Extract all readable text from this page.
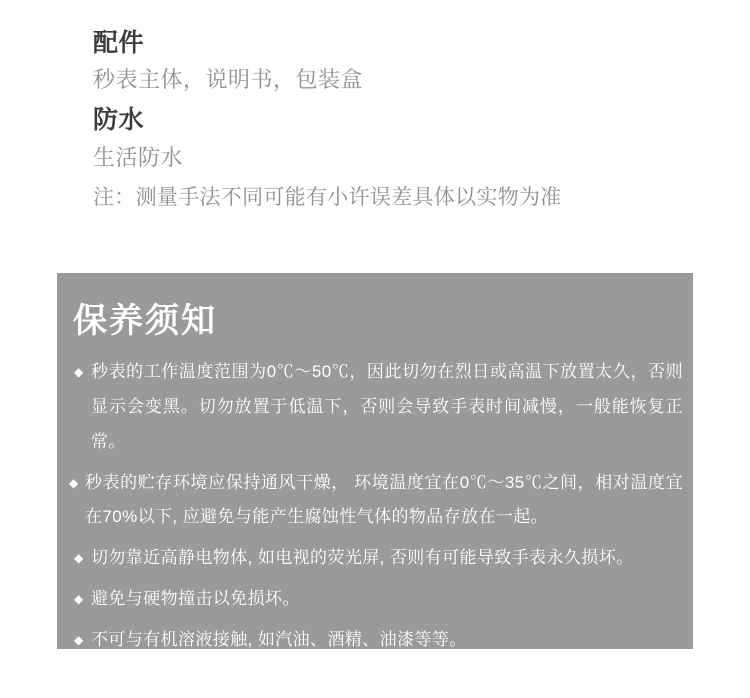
配件

秒表主体，说明书，包装盒

防水

生活防水

注：测量手法不同可能有小许误差具体以实物为准

保养须知
◆ 秒表的工作温度范围为0℃～50℃，因此切勿在烈日或高温下放置太久，否则显示会变黑。切勿放置于低温下，否则会导致手表时间减慢，一般能恢复正常。
◆ 秒表的贮存环境应保持通风干燥， 环境温度宜在0℃～35℃之间，相对温度宜在70%以下, 应避免与能产生腐蚀性气体的物品存放在一起。
◆ 切勿靠近高静电物体, 如电视的荧光屏, 否则有可能导致手表永久损坏。
◆ 避免与硬物撞击以免损坏。
◆ 不可与有机溶液接触, 如汽油、酒精、油漆等等。
